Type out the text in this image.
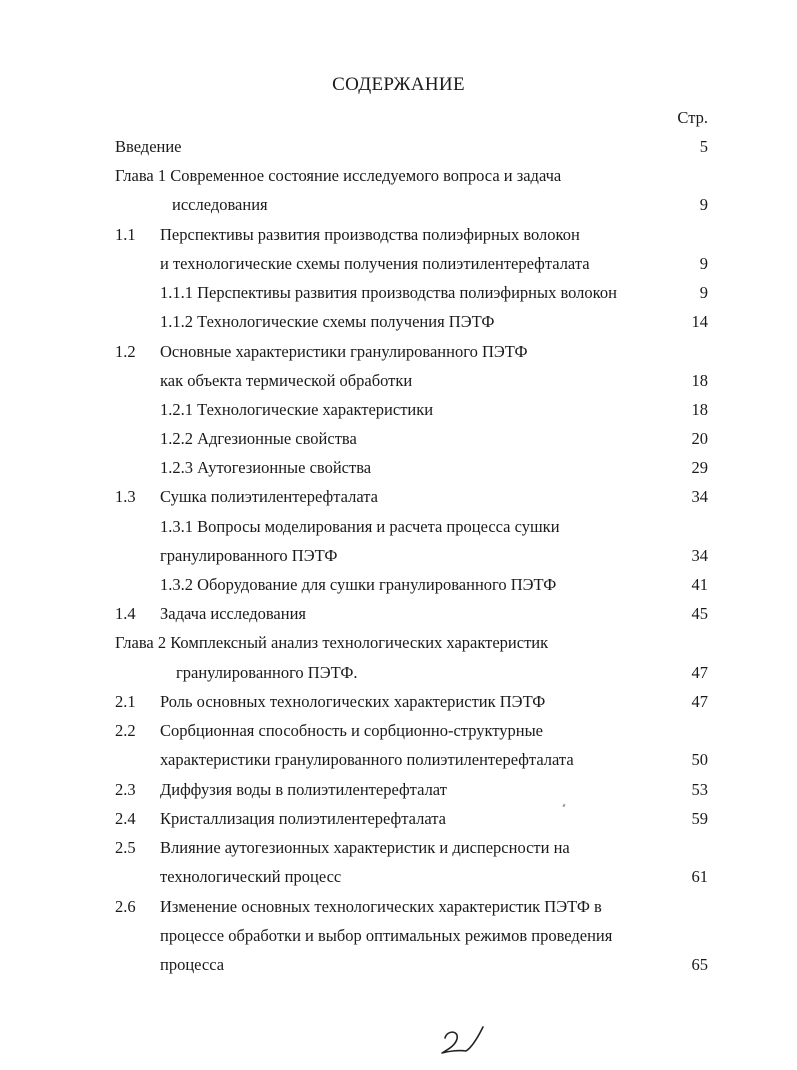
СОДЕРЖАНИЕ
Стр.
Введение	5
Глава 1 Современное состояние исследуемого вопроса и задача
исследования	9
1.1 Перспективы развития производства полиэфирных волокон
и технологические схемы получения полиэтилентерефталата	9
1.1.1 Перспективы развития производства полиэфирных волокон	9
1.1.2 Технологические схемы получения ПЭТФ	14
1.2 Основные характеристики гранулированного ПЭТФ
как объекта термической обработки	18
1.2.1 Технологические характеристики	18
1.2.2 Адгезионные свойства	20
1.2.3 Аутогезионные свойства	29
1.3 Сушка полиэтилентерефталата	34
1.3.1 Вопросы моделирования и расчета процесса сушки
гранулированного ПЭТФ	34
1.3.2 Оборудование для сушки гранулированного ПЭТФ	41
1.4 Задача исследования	45
Глава 2 Комплексный анализ технологических характеристик
гранулированного ПЭТФ.	47
2.1 Роль основных технологических характеристик ПЭТФ	47
2.2 Сорбционная способность и сорбционно-структурные
характеристики гранулированного полиэтилентерефталата	50
2.3 Диффузия воды в полиэтилентерефталат	53
2.4 Кристаллизация полиэтилентерефталата	59
2.5 Влияние аутогезионных характеристик и дисперсности на
технологический процесс	61
2.6 Изменение основных технологических характеристик ПЭТФ в
процессе обработки и выбор оптимальных режимов проведения
процесса	65
